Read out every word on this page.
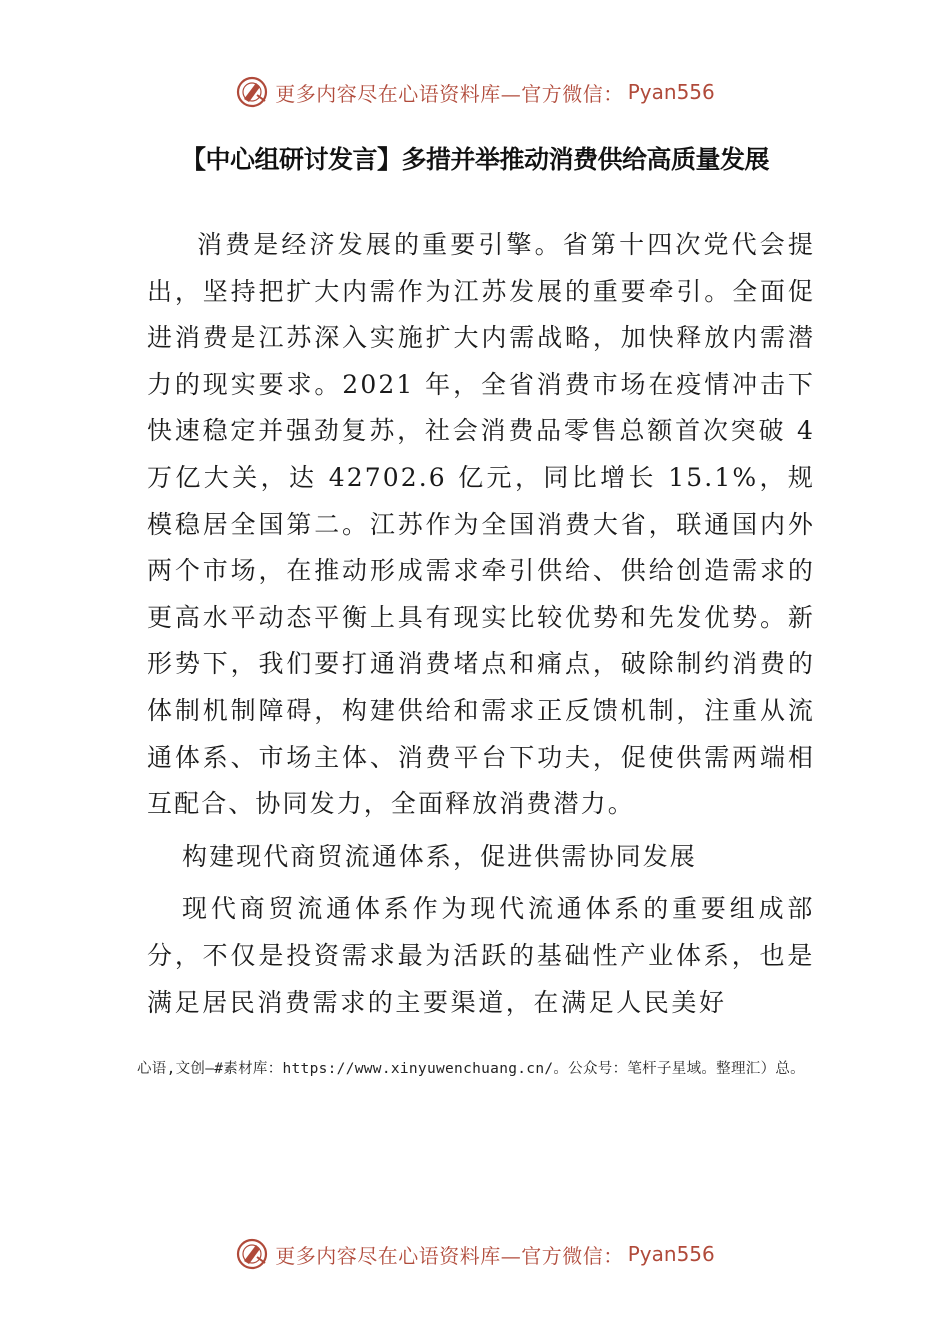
更多内容尽在心语资料库—官方微信： Pyan556
【中心组研讨发言】多措并举推动消费供给高质量发展

消费是经济发展的重要引擎。省第十四次党代会提出，坚持把扩大内需作为江苏发展的重要牵引。全面促进消费是江苏深入实施扩大内需战略，加快释放内需潜力的现实要求。2021 年，全省消费市场在疫情冲击下快速稳定并强劲复苏，社会消费品零售总额首次突破 4 万亿大关，达 42702.6 亿元，同比增长 15.1%，规模稳居全国第二。江苏作为全国消费大省，联通国内外两个市场，在推动形成需求牵引供给、供给创造需求的更高水平动态平衡上具有现实比较优势和先发优势。新形势下，我们要打通消费堵点和痛点，破除制约消费的体制机制障碍，构建供给和需求正反馈机制，注重从流通体系、市场主体、消费平台下功夫，促使供需两端相互配合、协同发力，全面释放消费潜力。

构建现代商贸流通体系，促进供需协同发展

现代商贸流通体系作为现代流通体系的重要组成部分，不仅是投资需求最为活跃的基础性产业体系，也是满足居民消费需求的主要渠道，在满足人民美好

心语,文创—#素材库：https://www.xinyuwenchuang.cn/。公众号：笔杆子星域。整理汇）总。
更多内容尽在心语资料库—官方微信： Pyan556
